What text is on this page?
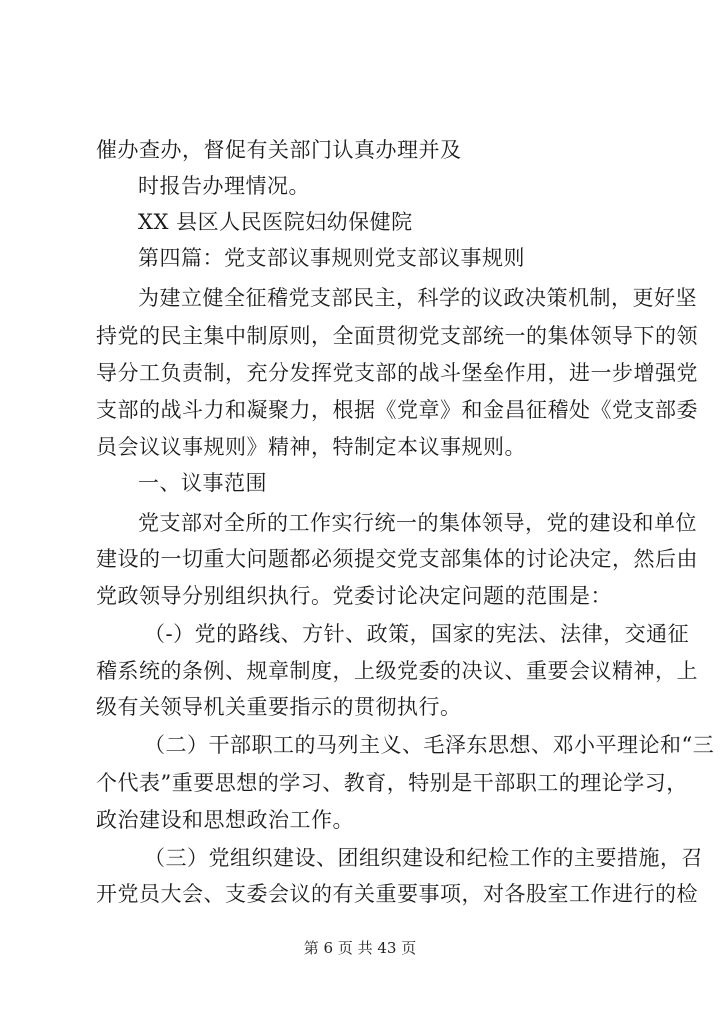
催办查办，督促有关部门认真办理并及
时报告办理情况。
XX 县区人民医院妇幼保健院
第四篇：党支部议事规则党支部议事规则
为建立健全征稽党支部民主，科学的议政决策机制，更好坚
持党的民主集中制原则，全面贯彻党支部统一的集体领导下的领
导分工负责制，充分发挥党支部的战斗堡垒作用，进一步增强党
支部的战斗力和凝聚力，根据《党章》和金昌征稽处《党支部委
员会议议事规则》精神，特制定本议事规则。
一、议事范围
党支部对全所的工作实行统一的集体领导，党的建设和单位
建设的一切重大问题都必须提交党支部集体的讨论决定，然后由
党政领导分别组织执行。党委讨论决定问题的范围是：
（-）党的路线、方针、政策，国家的宪法、法律，交通征
稽系统的条例、规章制度，上级党委的决议、重要会议精神，上
级有关领导机关重要指示的贯彻执行。
（二）干部职工的马列主义、毛泽东思想、邓小平理论和“三
个代表”重要思想的学习、教育，特别是干部职工的理论学习，
政治建设和思想政治工作。
（三）党组织建设、团组织建设和纪检工作的主要措施，召
开党员大会、支委会议的有关重要事项，对各股室工作进行的检
第 6 页 共 43 页
